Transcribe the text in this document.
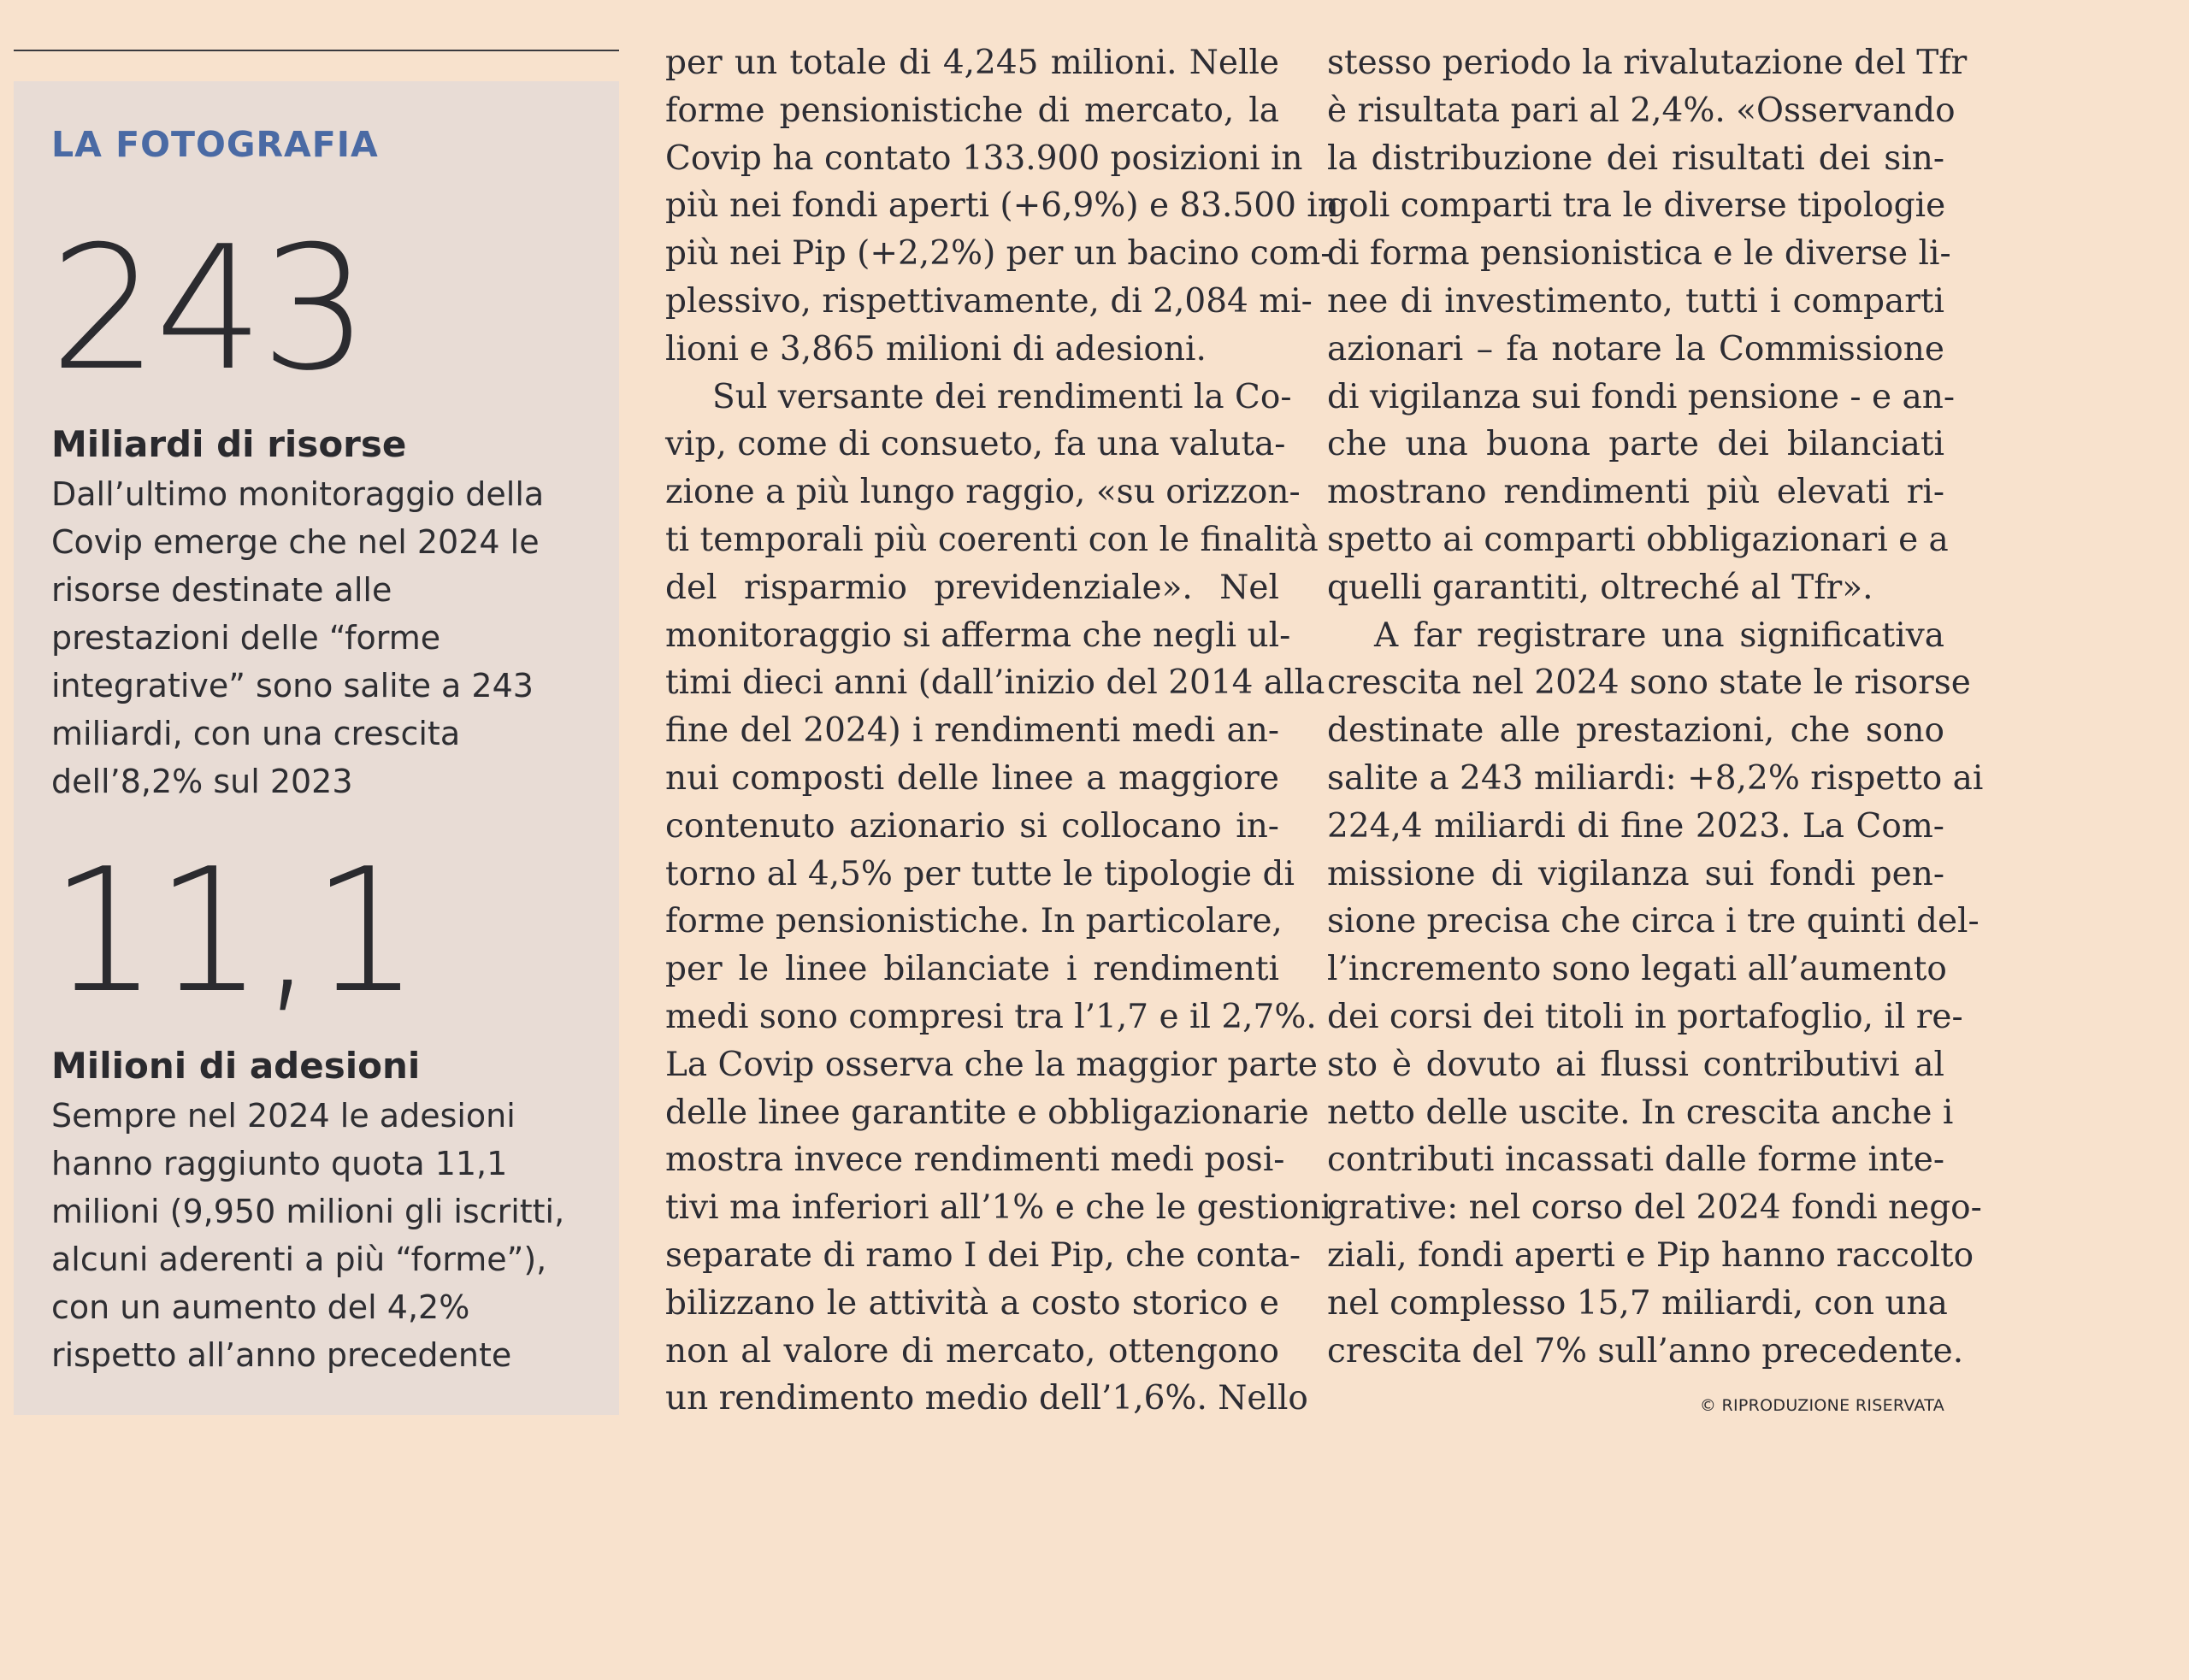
LA FOTOGRAFIA
243
Miliardi di risorse
Dall’ultimo monitoraggio della
Covip emerge che nel 2024 le
risorse destinate alle
prestazioni delle “forme
integrative” sono salite a 243
miliardi, con una crescita
dell’8,2% sul 2023
11,1
Milioni di adesioni
Sempre nel 2024 le adesioni
hanno raggiunto quota 11,1
milioni (9,950 milioni gli iscritti,
alcuni aderenti a più “forme”),
con un aumento del 4,2%
rispetto all’anno precedente
per un totale di 4,245 milioni. Nelle
forme pensionistiche di mercato, la
Covip ha contato 133.900 posizioni in
più nei fondi aperti (+6,9%) e 83.500 in
più nei Pip (+2,2%) per un bacino com-
plessivo, rispettivamente, di 2,084 mi-
lioni e 3,865 milioni di adesioni.
Sul versante dei rendimenti la Co-
vip, come di consueto, fa una valuta-
zione a più lungo raggio, «su orizzon-
ti temporali più coerenti con le finalità
del risparmio previdenziale». Nel
monitoraggio si afferma che negli ul-
timi dieci anni (dall’inizio del 2014 alla
fine del 2024) i rendimenti medi an-
nui composti delle linee a maggiore
contenuto azionario si collocano in-
torno al 4,5% per tutte le tipologie di
forme pensionistiche. In particolare,
per le linee bilanciate i rendimenti
medi sono compresi tra l’1,7 e il 2,7%.
La Covip osserva che la maggior parte
delle linee garantite e obbligazionarie
mostra invece rendimenti medi posi-
tivi ma inferiori all’1% e che le gestioni
separate di ramo I dei Pip, che conta-
bilizzano le attività a costo storico e
non al valore di mercato, ottengono
un rendimento medio dell’1,6%. Nello
stesso periodo la rivalutazione del Tfr
è risultata pari al 2,4%. «Osservando
la distribuzione dei risultati dei sin-
goli comparti tra le diverse tipologie
di forma pensionistica e le diverse li-
nee di investimento, tutti i comparti
azionari – fa notare la Commissione
di vigilanza sui fondi pensione - e an-
che una buona parte dei bilanciati
mostrano rendimenti più elevati ri-
spetto ai comparti obbligazionari e a
quelli garantiti, oltreché al Tfr».
A far registrare una significativa
crescita nel 2024 sono state le risorse
destinate alle prestazioni, che sono
salite a 243 miliardi: +8,2% rispetto ai
224,4 miliardi di fine 2023. La Com-
missione di vigilanza sui fondi pen-
sione precisa che circa i tre quinti del-
l’incremento sono legati all’aumento
dei corsi dei titoli in portafoglio, il re-
sto è dovuto ai flussi contributivi al
netto delle uscite. In crescita anche i
contributi incassati dalle forme inte-
grative: nel corso del 2024 fondi nego-
ziali, fondi aperti e Pip hanno raccolto
nel complesso 15,7 miliardi, con una
crescita del 7% sull’anno precedente.
© RIPRODUZIONE RISERVATA
